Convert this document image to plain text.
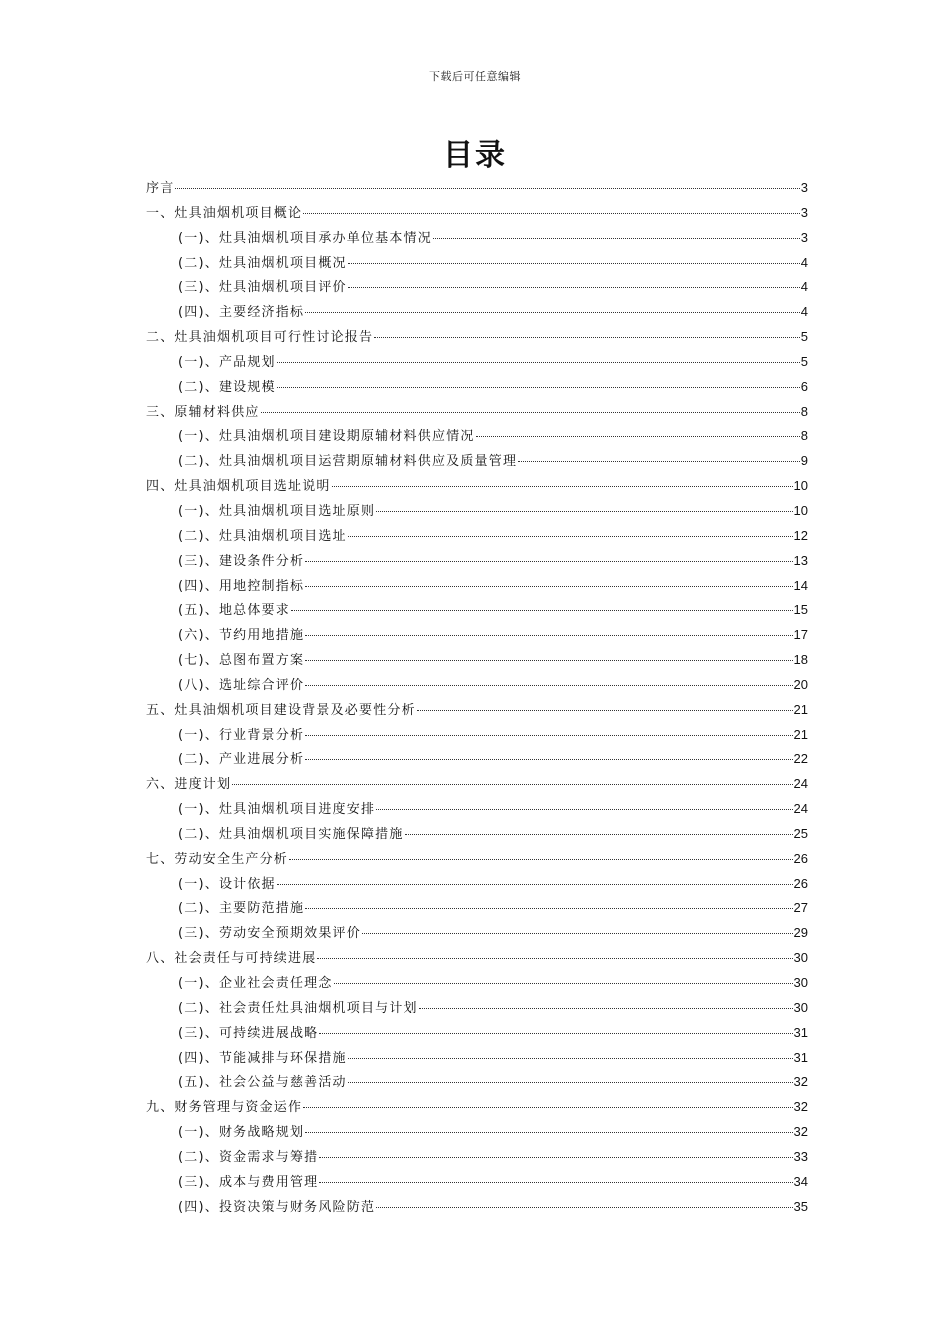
下载后可任意编辑
目录
序言	3
一、灶具油烟机项目概论	3
(一)、灶具油烟机项目承办单位基本情况	3
(二)、灶具油烟机项目概况	4
(三)、灶具油烟机项目评价	4
(四)、主要经济指标	4
二、灶具油烟机项目可行性讨论报告	5
(一)、产品规划	5
(二)、建设规模	6
三、原辅材料供应	8
(一)、灶具油烟机项目建设期原辅材料供应情况	8
(二)、灶具油烟机项目运营期原辅材料供应及质量管理	9
四、灶具油烟机项目选址说明	10
(一)、灶具油烟机项目选址原则	10
(二)、灶具油烟机项目选址	12
(三)、建设条件分析	13
(四)、用地控制指标	14
(五)、地总体要求	15
(六)、节约用地措施	17
(七)、总图布置方案	18
(八)、选址综合评价	20
五、灶具油烟机项目建设背景及必要性分析	21
(一)、行业背景分析	21
(二)、产业进展分析	22
六、进度计划	24
(一)、灶具油烟机项目进度安排	24
(二)、灶具油烟机项目实施保障措施	25
七、劳动安全生产分析	26
(一)、设计依据	26
(二)、主要防范措施	27
(三)、劳动安全预期效果评价	29
八、社会责任与可持续进展	30
(一)、企业社会责任理念	30
(二)、社会责任灶具油烟机项目与计划	30
(三)、可持续进展战略	31
(四)、节能减排与环保措施	31
(五)、社会公益与慈善活动	32
九、财务管理与资金运作	32
(一)、财务战略规划	32
(二)、资金需求与筹措	33
(三)、成本与费用管理	34
(四)、投资决策与财务风险防范	35
